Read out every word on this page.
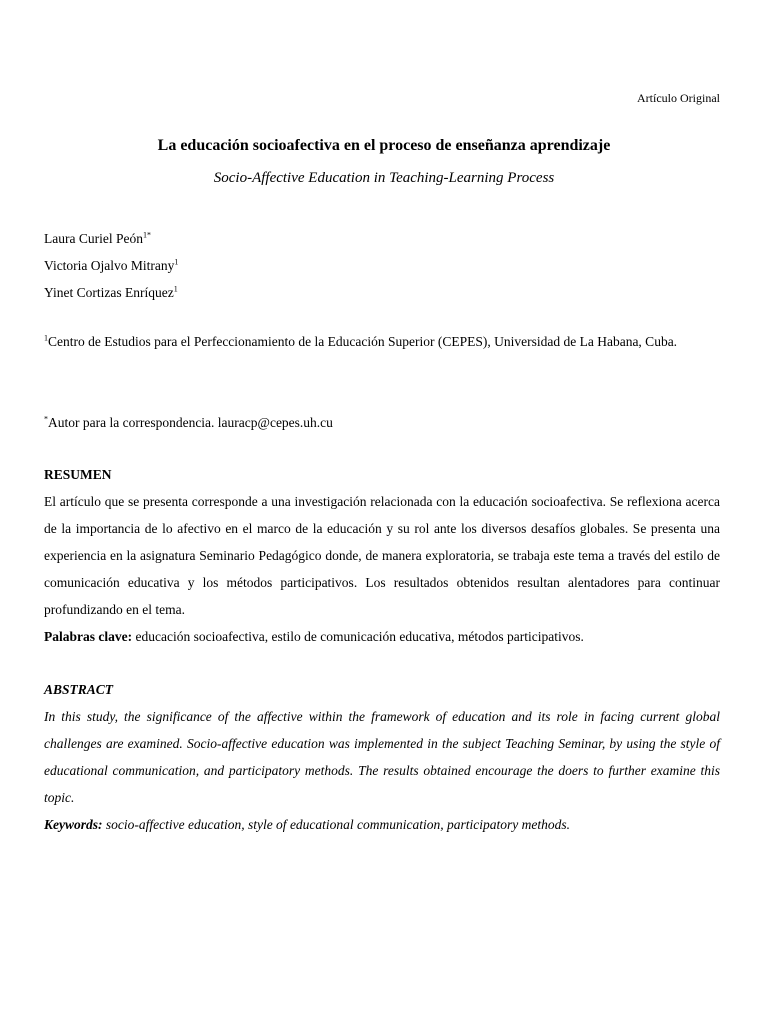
Artículo Original
La educación socioafectiva en el proceso de enseñanza aprendizaje
Socio-Affective Education in Teaching-Learning Process
Laura Curiel Peón$^{1*}$
Victoria Ojalvo Mitrany$^1$
Yinet Cortizas Enríquez$^1$
$^1$Centro de Estudios para el Perfeccionamiento de la Educación Superior (CEPES), Universidad de La Habana, Cuba.
*Autor para la correspondencia. lauracp@cepes.uh.cu
RESUMEN
El artículo que se presenta corresponde a una investigación relacionada con la educación socioafectiva. Se reflexiona acerca de la importancia de lo afectivo en el marco de la educación y su rol ante los diversos desafíos globales. Se presenta una experiencia en la asignatura Seminario Pedagógico donde, de manera exploratoria, se trabaja este tema a través del estilo de comunicación educativa y los métodos participativos. Los resultados obtenidos resultan alentadores para continuar profundizando en el tema.
Palabras clave: educación socioafectiva, estilo de comunicación educativa, métodos participativos.
ABSTRACT
In this study, the significance of the affective within the framework of education and its role in facing current global challenges are examined. Socio-affective education was implemented in the subject Teaching Seminar, by using the style of educational communication, and participatory methods. The results obtained encourage the doers to further examine this topic.
Keywords: socio-affective education, style of educational communication, participatory methods.
